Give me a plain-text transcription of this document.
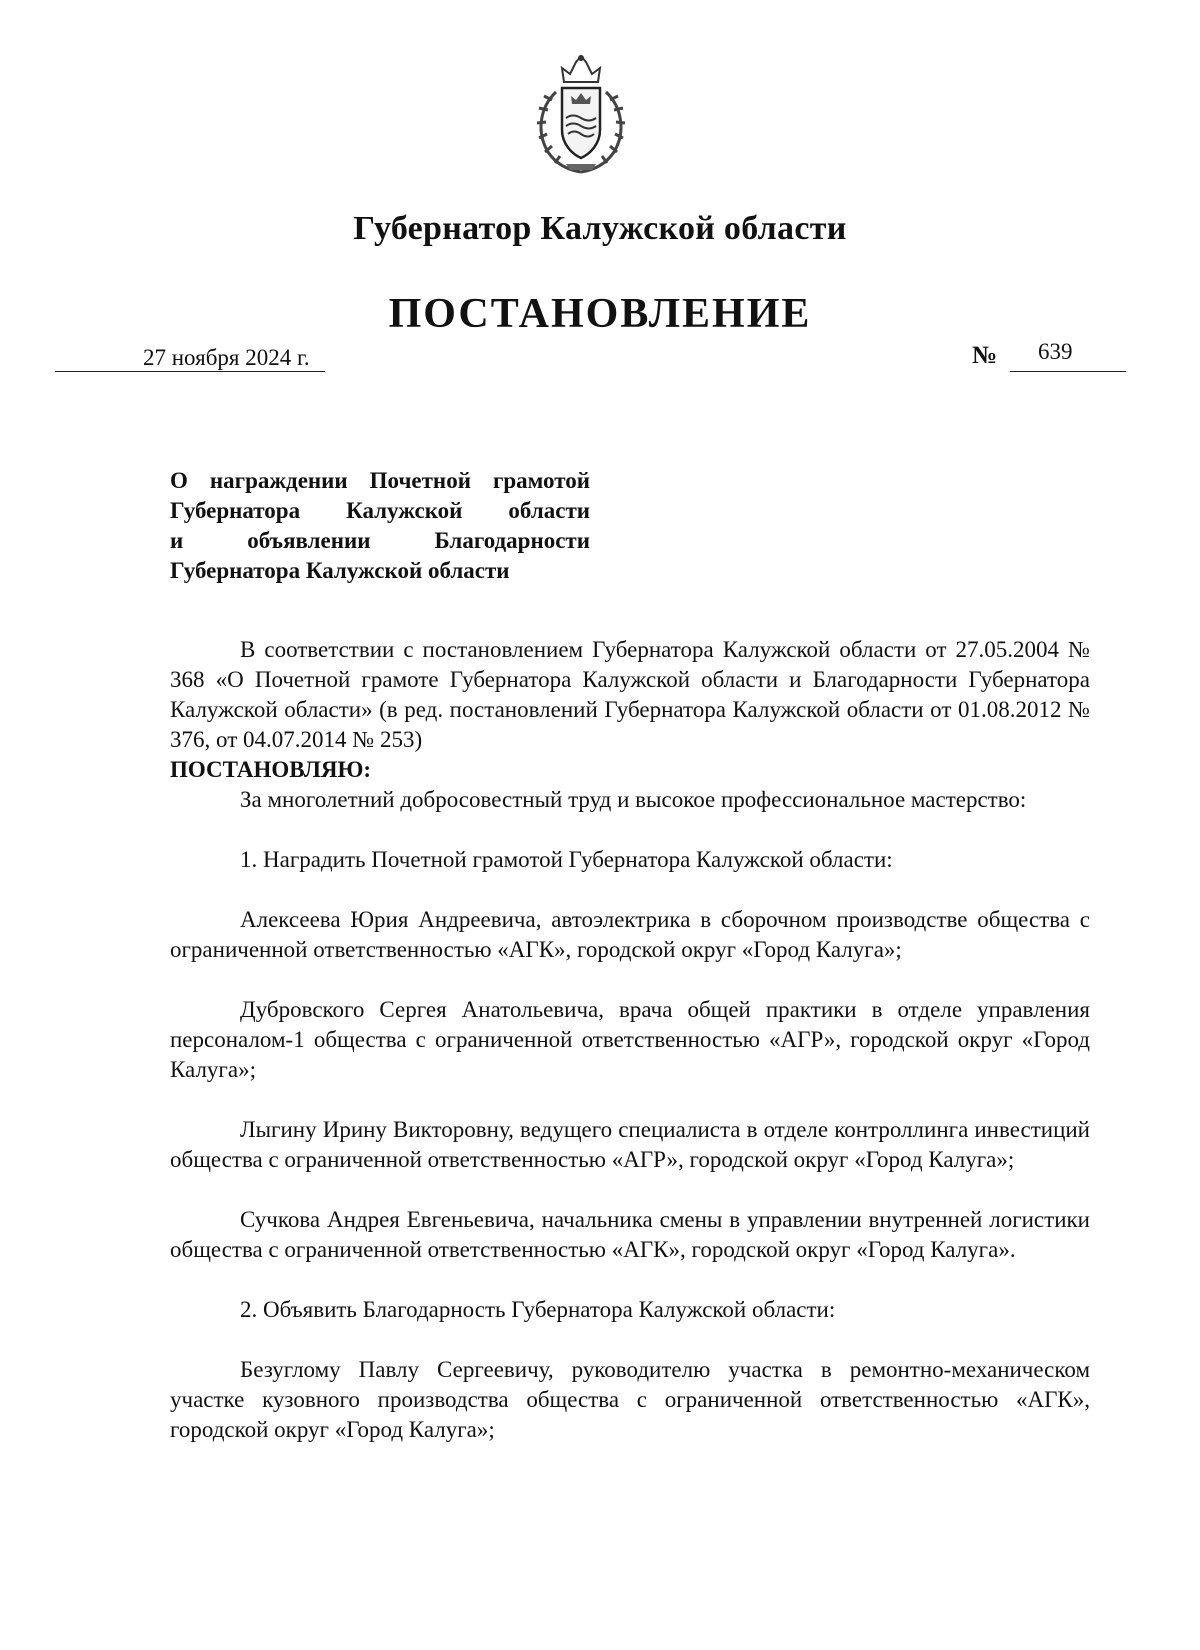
Губернатор Калужской области
ПОСТАНОВЛЕНИЕ
27 ноября 2024 г.	№ 639
О награждении Почетной грамотой
Губернатора Калужской области
и объявлении Благодарности
Губернатора Калужской области

В соответствии с постановлением Губернатора Калужской области от 27.05.2004 № 368 «О Почетной грамоте Губернатора Калужской области и Благодарности Губернатора Калужской области» (в ред. постановлений Губернатора Калужской области от 01.08.2012 № 376, от 04.07.2014 № 253)

ПОСТАНОВЛЯЮ:

За многолетний добросовестный труд и высокое профессиональное мастерство:

1. Наградить Почетной грамотой Губернатора Калужской области:

Алексеева Юрия Андреевича, автоэлектрика в сборочном производстве общества с ограниченной ответственностью «АГК», городской округ «Город Калуга»;

Дубровского Сергея Анатольевича, врача общей практики в отделе управления персоналом-1 общества с ограниченной ответственностью «АГР», городской округ «Город Калуга»;

Лыгину Ирину Викторовну, ведущего специалиста в отделе контроллинга инвестиций общества с ограниченной ответственностью «АГР», городской округ «Город Калуга»;

Сучкова Андрея Евгеньевича, начальника смены в управлении внутренней логистики общества с ограниченной ответственностью «АГК», городской округ «Город Калуга».

2. Объявить Благодарность Губернатора Калужской области:

Безуглому Павлу Сергеевичу, руководителю участка в ремонтно-механическом участке кузовного производства общества с ограниченной ответственностью «АГК», городской округ «Город Калуга»;
